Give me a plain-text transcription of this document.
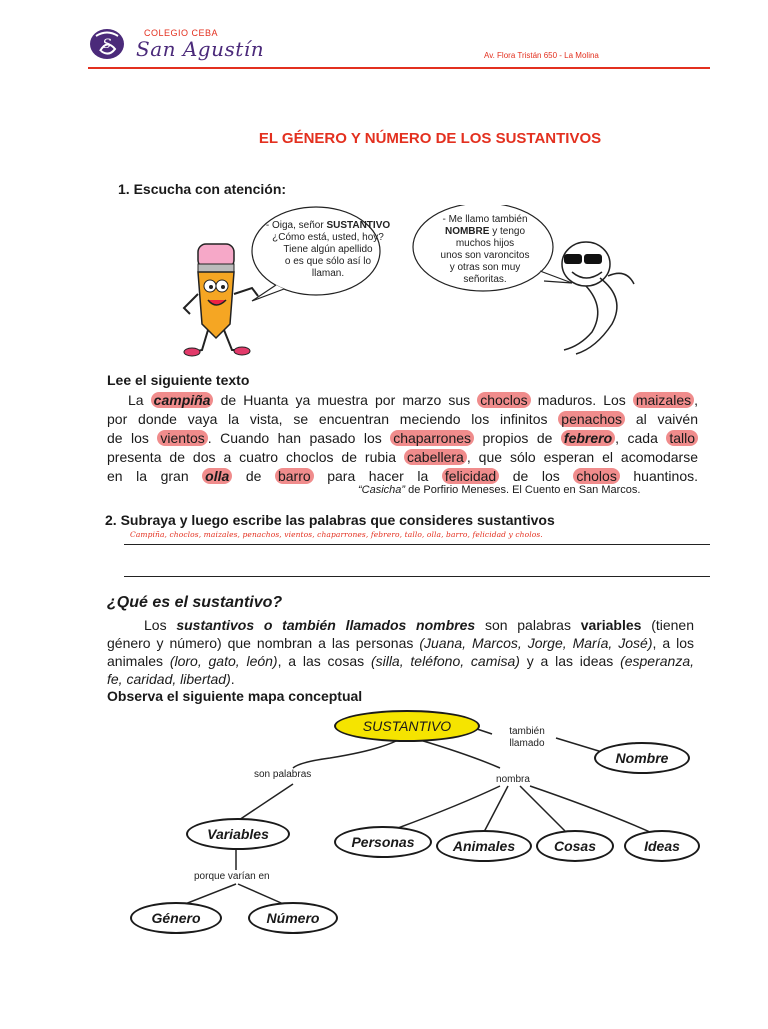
S
COLEGIO CEBA
San Agustín	Av. Flora Tristán 650 - La Molina
EL GÉNERO Y NÚMERO DE LOS SUSTANTIVOS
1. Escucha con atención:
- Oiga, señor SUSTANTIVO
¿Cómo está, usted, hoy?
Tiene algún apellido
o es que sólo así lo
llaman.
- Me llamo también
NOMBRE y tengo
muchos hijos
unos son varoncitos
y otras son muy
señoritas.
Lee el siguiente texto
La campiña de Huanta ya muestra por marzo sus choclos maduros. Los maizales ,
por donde vaya la vista, se encuentran meciendo los infinitos penachos al vaivén
de los vientos . Cuando han pasado los chaparrones propios de febrero , cada tallo
presenta de dos a cuatro choclos de rubia cabellera , que sólo esperan el acomodarse
en la gran olla de barro para hacer la felicidad de los cholos huantinos.
“Casicha” de Porfirio Meneses. El Cuento en San Marcos.
2. Subraya y luego escribe las palabras que consideres sustantivos
Campiña, choclos, maizales, penachos, vientos, chaparrones, febrero, tallo, olla, barro, felicidad y cholos.
¿Qué es el sustantivo?
Los sustantivos o también llamados nombres son palabras variables (tienen
género y número) que nombran a las personas (Juana, Marcos, Jorge, María, José), a los
animales (loro, gato, león), a las cosas (silla, teléfono, camisa) y a las ideas (esperanza,
fe, caridad, libertad).
Observa el siguiente mapa conceptual
SUSTANTIVO	también
llamado
Nombre
son palabras	nombra
Variables	Personas	Animales	Cosas	Ideas
porque varían en
Género	Número
